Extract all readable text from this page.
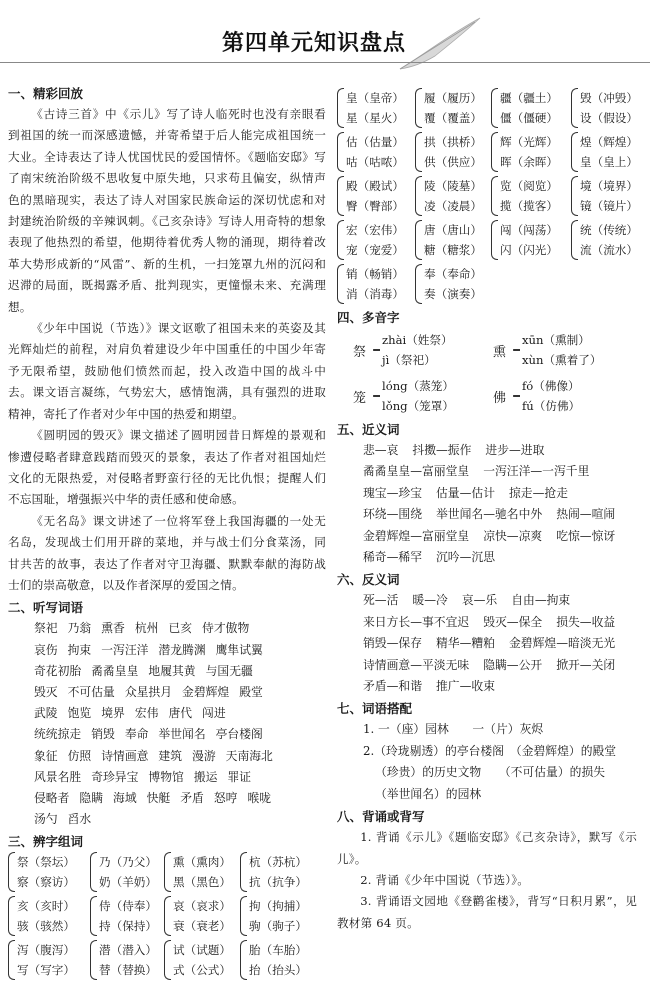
第四单元知识盘点
一、精彩回放

《古诗三首》中《示儿》写了诗人临死时也没有亲眼看到祖国的统一而深感遗憾，并寄希望于后人能完成祖国统一大业。全诗表达了诗人忧国忧民的爱国情怀。《题临安邸》写了南宋统治阶级不思收复中原失地，只求苟且偏安，纵情声色的黑暗现实，表达了诗人对国家民族命运的深切忧虑和对封建统治阶级的辛辣讽刺。《己亥杂诗》写诗人用奇特的想象表现了他热烈的希望，他期待着优秀人物的涌现，期待着改革大势形成新的“风雷”、新的生机，一扫笼罩九州的沉闷和迟滞的局面，既揭露矛盾、批判现实，更憧憬未来、充满理想。

《少年中国说（节选）》课文讴歌了祖国未来的英姿及其光辉灿烂的前程，对肩负着建设少年中国重任的中国少年寄予无限希望，鼓励他们愤然而起，投入改造中国的战斗中去。课文语言凝练，气势宏大，感情饱满，具有强烈的进取精神，寄托了作者对少年中国的热爱和期望。

《圆明园的毁灭》课文描述了圆明园昔日辉煌的景观和惨遭侵略者肆意践踏而毁灭的景象，表达了作者对祖国灿烂文化的无限热爱，对侵略者野蛮行径的无比仇恨；提醒人们不忘国耻，增强振兴中华的责任感和使命感。

《无名岛》课文讲述了一位将军登上我国海疆的一处无名岛，发现战士们用开辟的菜地，并与战士们分食菜汤，同甘共苦的故事，表达了作者对守卫海疆、默默奉献的海防战士们的崇高敬意，以及作者深厚的爱国之情。

二、听写词语
祭祀 乃翁 熏香 杭州 已亥 侍才傲物
哀伤 拘束 一泻汪洋 潜龙腾渊 鹰隼试翼
奇花初胎 矞矞皇皇 地履其黄 与国无疆
毁灭 不可估量 众星拱月 金碧辉煌 殿堂
武陵 饱览 境界 宏伟 唐代 闯进
统统掠走 销毁 奉命 举世闻名 亭台楼阁
象征 仿照 诗情画意 建筑 漫游 天南海北
风景名胜 奇珍异宝 博物馆 搬运 罪证
侵略者 隐瞒 海域 快艇 矛盾 怒哼 喉咙
汤勺 舀水
三、辨字组词
祭（祭坛）
察（察访）
乃（乃父）
奶（羊奶）
熏（熏肉）
黑（黑色）
杭（苏杭）
抗（抗争）
亥（亥时）
骇（骇然）
侍（侍奉）
持（保持）
哀（哀求）
衰（衰老）
拘（拘捕）
驹（驹子）
泻（腹泻）
写（写字）
潜（潜入）
替（替换）
试（试题）
式（公式）
胎（车胎）
抬（抬头）
皇（皇帝）
星（星火）
履（履历）
覆（覆盖）
疆（疆土）
僵（僵硬）
毁（冲毁）
设（假设）
估（估量）
咕（咕哝）
拱（拱桥）
供（供应）
辉（光辉）
晖（余晖）
煌（辉煌）
皇（皇上）
殿（殿试）
臀（臀部）
陵（陵墓）
凌（凌晨）
览（阅览）
揽（揽客）
境（境界）
镜（镜片）
宏（宏伟）
宠（宠爱）
唐（唐山）
糖（糖浆）
闯（闯荡）
闪（闪光）
统（传统）
流（流水）
销（畅销）
消（消毒）
奉（奉命）
奏（演奏）
四、多音字
祭
zhài（姓祭）
jì（祭祀）
熏
xūn（熏制）
xùn（熏着了）
笼
lóng（蒸笼）
lǒng（笼罩）
佛
fó（佛像）
fú（仿佛）
五、近义词
悲—哀 抖擞—振作 进步—进取
矞矞皇皇—富丽堂皇 一泻汪洋—一泻千里
瑰宝—珍宝 估量—估计 掠走—抢走
环绕—围绕 举世闻名—驰名中外 热闹—喧闹
金碧辉煌—富丽堂皇 凉快—凉爽 吃惊—惊讶
稀奇—稀罕 沉吟—沉思
六、反义词
死—活 暖—冷 哀—乐 自由—拘束
来日方长—事不宜迟 毁灭—保全 损失—收益
销毁—保存 精华—糟粕 金碧辉煌—暗淡无光
诗情画意—平淡无味 隐瞒—公开 掀开—关闭
矛盾—和谐 推广—收束
七、词语搭配
1. 一（座）园林　　一（片）灰烬
2.（玲珑剔透）的亭台楼阁　（金碧辉煌）的殿堂
（珍贵）的历史文物　　（不可估量）的损失
（举世闻名）的园林
八、背诵或背写

1. 背诵《示儿》《题临安邸》《己亥杂诗》，默写《示儿》。

2. 背诵《少年中国说（节选）》。

3. 背诵语文园地《登鹳雀楼》，背写“日积月累”，见教材第 64 页。
